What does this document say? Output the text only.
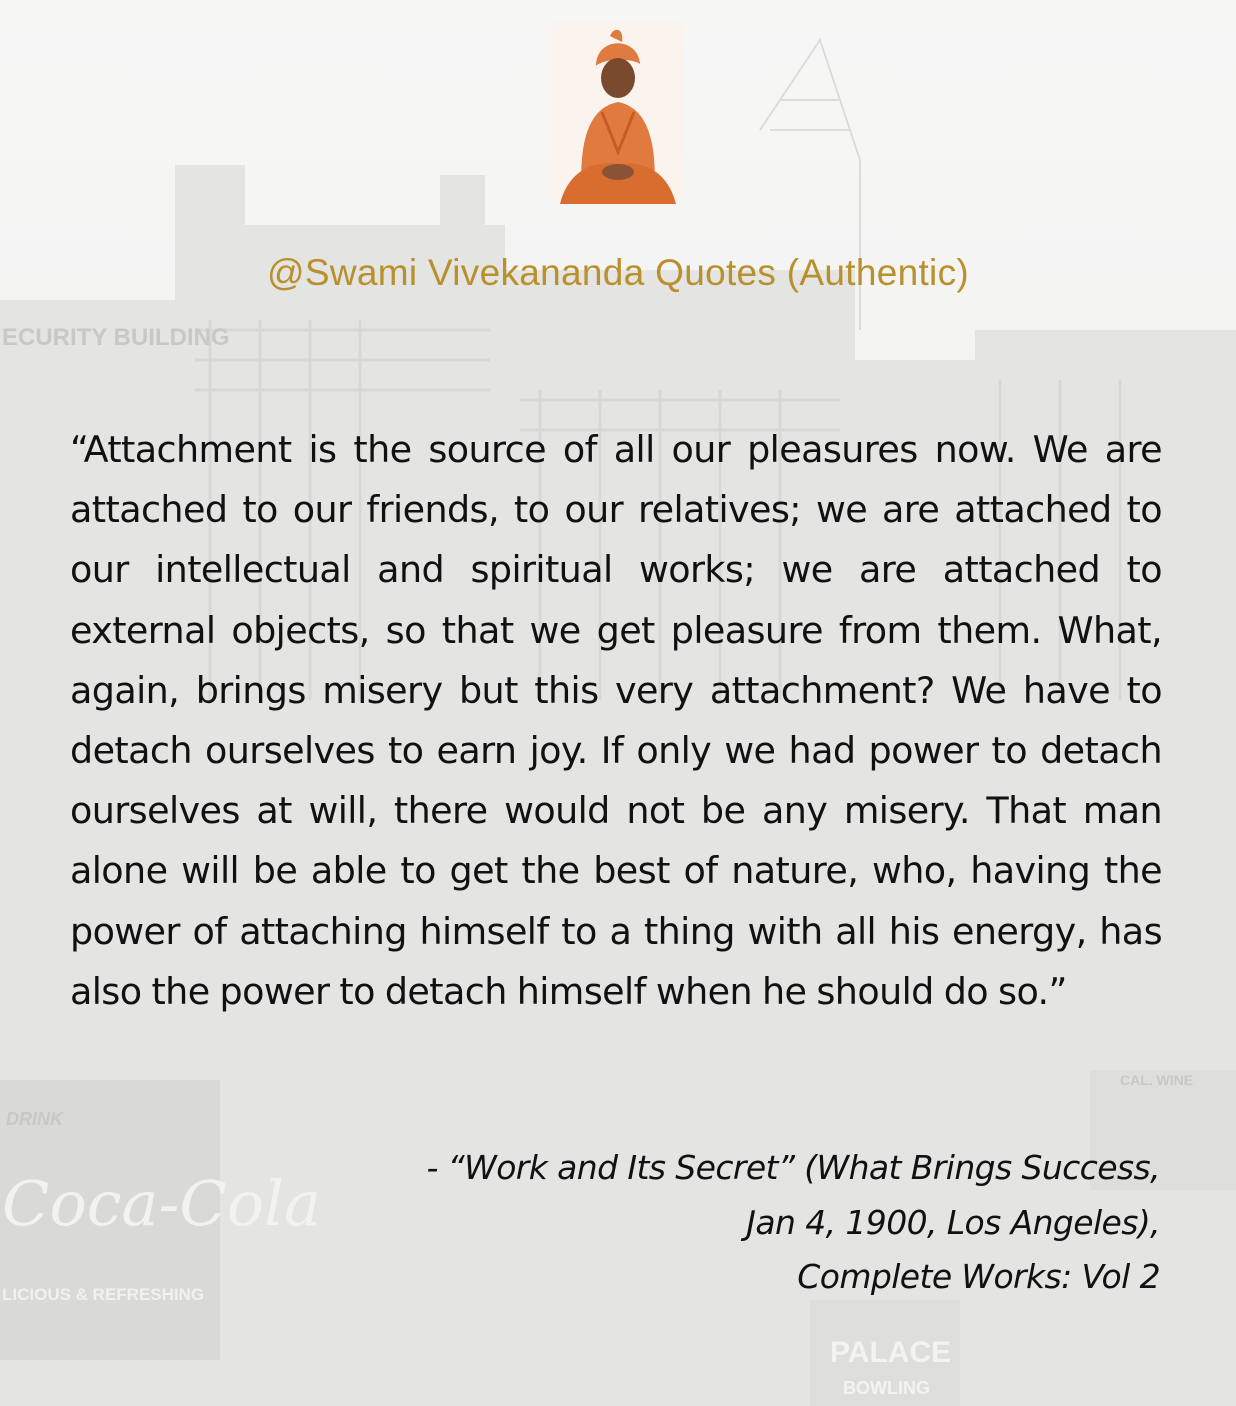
ECURITY BUILDING
DRINK
Coca-Cola
LICIOUS & REFRESHING
PALACE
BOWLING
CAL. WINE
@Swami Vivekananda Quotes (Authentic)
“Attachment is the source of all our pleasures now. We are attached to our friends, to our relatives; we are attached to our intellectual and spiritual works; we are attached to external objects, so that we get pleasure from them. What, again, brings misery but this very attachment? We have to detach ourselves to earn joy. If only we had power to detach ourselves at will, there would not be any misery. That man alone will be able to get the best of nature, who, having the power of attaching himself to a thing with all his energy, has also the power to detach himself when he should do so.”
- “Work and Its Secret” (What Brings Success,
Jan 4, 1900, Los Angeles),
Complete Works: Vol 2
